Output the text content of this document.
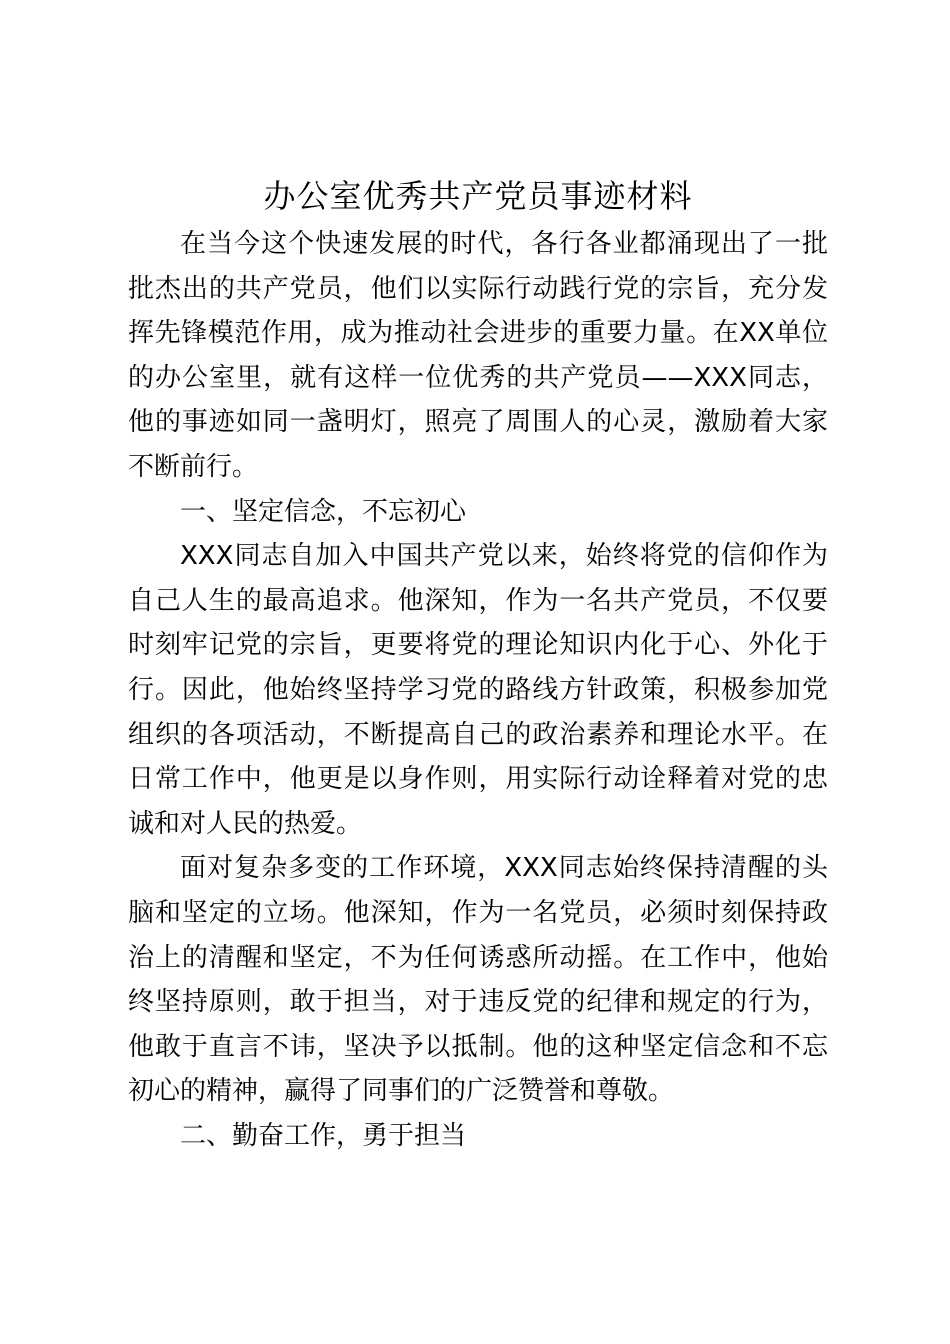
办公室优秀共产党员事迹材料

在当今这个快速发展的时代，各行各业都涌现出了一批批杰出的共产党员，他们以实际行动践行党的宗旨，充分发挥先锋模范作用，成为推动社会进步的重要力量。在XX单位的办公室里，就有这样一位优秀的共产党员——XXX同志，他的事迹如同一盏明灯，照亮了周围人的心灵，激励着大家不断前行。

一、坚定信念，不忘初心

XXX同志自加入中国共产党以来，始终将党的信仰作为自己人生的最高追求。他深知，作为一名共产党员，不仅要时刻牢记党的宗旨，更要将党的理论知识内化于心、外化于行。因此，他始终坚持学习党的路线方针政策，积极参加党组织的各项活动，不断提高自己的政治素养和理论水平。在日常工作中，他更是以身作则，用实际行动诠释着对党的忠诚和对人民的热爱。

面对复杂多变的工作环境，XXX同志始终保持清醒的头脑和坚定的立场。他深知，作为一名党员，必须时刻保持政治上的清醒和坚定，不为任何诱惑所动摇。在工作中，他始终坚持原则，敢于担当，对于违反党的纪律和规定的行为，他敢于直言不讳，坚决予以抵制。他的这种坚定信念和不忘初心的精神，赢得了同事们的广泛赞誉和尊敬。

二、勤奋工作，勇于担当
